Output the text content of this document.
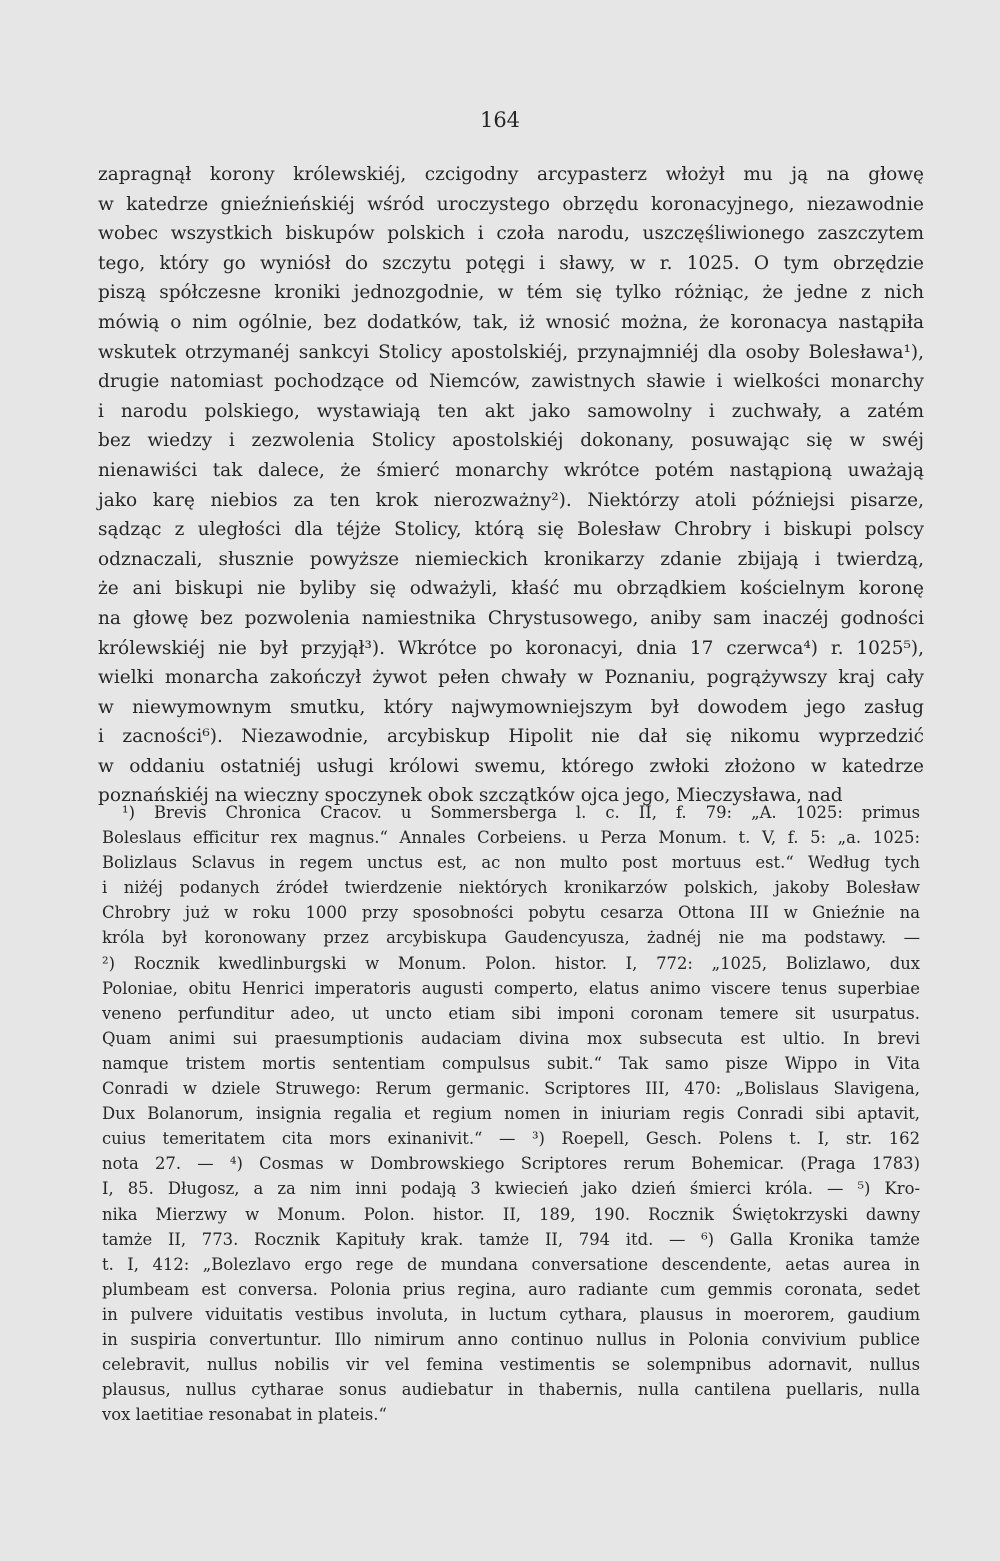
164
zapragnął korony królewskiéj, czcigodny arcypasterz włożył mu ją na głowę
w katedrze gnieźnieńskiéj wśród uroczystego obrzędu koronacyjnego, niezawodnie
wobec wszystkich biskupów polskich i czoła narodu, uszczęśliwionego zaszczytem
tego, który go wyniósł do szczytu potęgi i sławy, w r. 1025. O tym obrzędzie
piszą spółczesne kroniki jednozgodnie, w tém się tylko różniąc, że jedne z nich
mówią o nim ogólnie, bez dodatków, tak, iż wnosić można, że koronacya nastąpiła
wskutek otrzymanéj sankcyi Stolicy apostolskiéj, przynajmniéj dla osoby Bolesława¹),
drugie natomiast pochodzące od Niemców, zawistnych sławie i wielkości monarchy
i narodu polskiego, wystawiają ten akt jako samowolny i zuchwały, a zatém
bez wiedzy i zezwolenia Stolicy apostolskiéj dokonany, posuwając się w swéj
nienawiści tak dalece, że śmierć monarchy wkrótce potém nastąpioną uważają
jako karę niebios za ten krok nierozważny²). Niektórzy atoli późniejsi pisarze,
sądząc z uległości dla téjże Stolicy, którą się Bolesław Chrobry i biskupi polscy
odznaczali, słusznie powyższe niemieckich kronikarzy zdanie zbijają i twierdzą,
że ani biskupi nie byliby się odważyli, kłaść mu obrządkiem kościelnym koronę
na głowę bez pozwolenia namiestnika Chrystusowego, aniby sam inaczéj godności
królewskiéj nie był przyjął³). Wkrótce po koronacyi, dnia 17 czerwca⁴) r. 1025⁵),
wielki monarcha zakończył żywot pełen chwały w Poznaniu, pogrążywszy kraj cały
w niewymownym smutku, który najwymowniejszym był dowodem jego zasług
i zacności⁶). Niezawodnie, arcybiskup Hipolit nie dał się nikomu wyprzedzić
w oddaniu ostatniéj usługi królowi swemu, którego zwłoki złożono w katedrze
poznańskiéj na wieczny spoczynek obok szczątków ojca jego, Mieczysława, nad
¹) Brevis Chronica Cracov. u Sommersberga l. c. II, f. 79: „A. 1025: primus
Boleslaus efficitur rex magnus.“ Annales Corbeiens. u Perza Monum. t. V, f. 5: „a. 1025:
Bolizlaus Sclavus in regem unctus est, ac non multo post mortuus est.“ Według tych
i niżéj podanych źródeł twierdzenie niektórych kronikarzów polskich, jakoby Bolesław
Chrobry już w roku 1000 przy sposobności pobytu cesarza Ottona III w Gnieźnie na
króla był koronowany przez arcybiskupa Gaudencyusza, żadnéj nie ma podstawy. —
²) Rocznik kwedlinburgski w Monum. Polon. histor. I, 772: „1025, Bolizlawo, dux
Poloniae, obitu Henrici imperatoris augusti comperto, elatus animo viscere tenus superbiae
veneno perfunditur adeo, ut uncto etiam sibi imponi coronam temere sit usurpatus.
Quam animi sui praesumptionis audaciam divina mox subsecuta est ultio. In brevi
namque tristem mortis sententiam compulsus subit.“ Tak samo pisze Wippo in Vita
Conradi w dziele Struwego: Rerum germanic. Scriptores III, 470: „Bolislaus Slavigena,
Dux Bolanorum, insignia regalia et regium nomen in iniuriam regis Conradi sibi aptavit,
cuius temeritatem cita mors exinanivit.“ — ³) Roepell, Gesch. Polens t. I, str. 162
nota 27. — ⁴) Cosmas w Dombrowskiego Scriptores rerum Bohemicar. (Praga 1783)
I, 85. Długosz, a za nim inni podają 3 kwiecień jako dzień śmierci króla. — ⁵) Kro-
nika Mierzwy w Monum. Polon. histor. II, 189, 190. Rocznik Świętokrzyski dawny
tamże II, 773. Rocznik Kapituły krak. tamże II, 794 itd. — ⁶) Galla Kronika tamże
t. I, 412: „Bolezlavo ergo rege de mundana conversatione descendente, aetas aurea in
plumbeam est conversa. Polonia prius regina, auro radiante cum gemmis coronata, sedet
in pulvere viduitatis vestibus involuta, in luctum cythara, plausus in moerorem, gaudium
in suspiria convertuntur. Illo nimirum anno continuo nullus in Polonia convivium publice
celebravit, nullus nobilis vir vel femina vestimentis se solempnibus adornavit, nullus
plausus, nullus cytharae sonus audiebatur in thabernis, nulla cantilena puellaris, nulla
vox laetitiae resonabat in plateis.“
